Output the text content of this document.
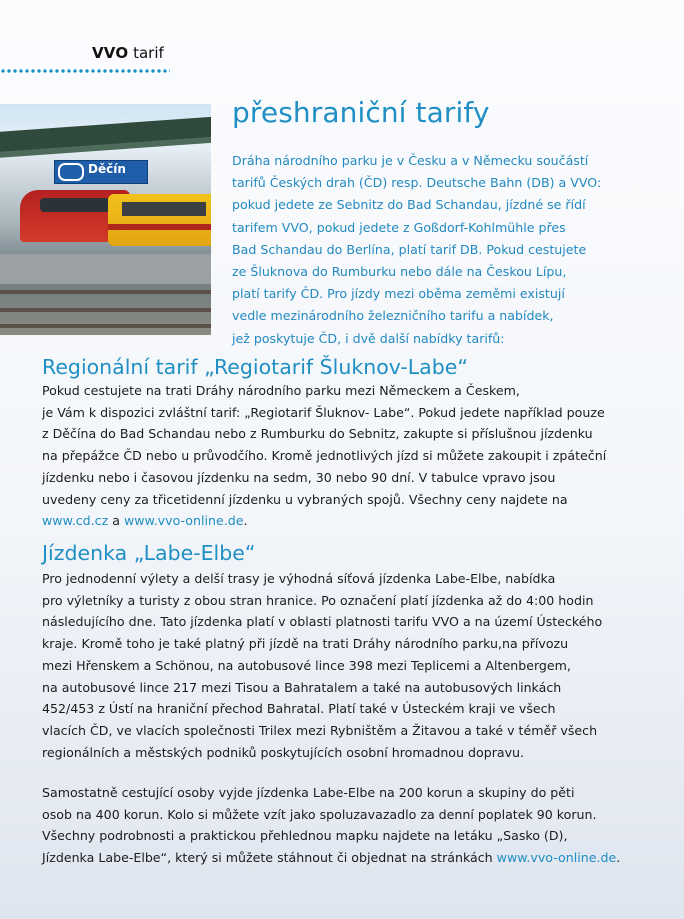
VVO tarif
Děčín
přeshraniční tarify
Dráha národního parku je v Česku a v Německu součástí
tarifů Českých drah (ČD) resp. Deutsche Bahn (DB) a VVO:
pokud jedete ze Sebnitz do Bad Schandau, jízdné se řídí
tarifem VVO, pokud jedete z Goßdorf-Kohlmühle přes
Bad Schandau do Berlína, platí tarif DB. Pokud cestujete
ze Šluknova do Rumburku nebo dále na Českou Lípu,
platí tarify ČD. Pro jízdy mezi oběma zeměmi existují
vedle mezinárodního železničního tarifu a nabídek,
jež poskytuje ČD, i dvě další nabídky tarifů:
Regionální tarif „Regiotarif Šluknov-Labe“
Pokud cestujete na trati Dráhy národního parku mezi Německem a Českem,
je Vám k dispozici zvláštní tarif: „Regiotarif Šluknov- Labe“. Pokud jedete například pouze
z Děčína do Bad Schandau nebo z Rumburku do Sebnitz, zakupte si příslušnou jízdenku
na přepážce ČD nebo u průvodčího. Kromě jednotlivých jízd si můžete zakoupit i zpáteční
jízdenku nebo i časovou jízdenku na sedm, 30 nebo 90 dní. V tabulce vpravo jsou
uvedeny ceny za třicetidenní jízdenku u vybraných spojů. Všechny ceny najdete na
www.cd.cz a www.vvo-online.de.
Jízdenka „Labe-Elbe“
Pro jednodenní výlety a delší trasy je výhodná síťová jízdenka Labe-Elbe, nabídka
pro výletníky a turisty z obou stran hranice. Po označení platí jízdenka až do 4:00 hodin
následujícího dne. Tato jízdenka platí v oblasti platnosti tarifu VVO a na území Ústeckého
kraje. Kromě toho je také platný při jízdě na trati Dráhy národního parku,na přívozu
mezi Hřenskem a Schönou, na autobusové lince 398 mezi Teplicemi a Altenbergem,
na autobusové lince 217 mezi Tisou a Bahratalem a také na autobusových linkách
452/453 z Ústí na hraniční přechod Bahratal. Platí také v Ústeckém kraji ve všech
vlacích ČD, ve vlacích společnosti Trilex mezi Rybništěm a Žitavou a také v téměř všech
regionálních a městských podniků poskytujících osobní hromadnou dopravu.
Samostatně cestující osoby vyjde jízdenka Labe-Elbe na 200 korun a skupiny do pěti
osob na 400 korun. Kolo si můžete vzít jako spoluzavazadlo za denní poplatek 90 korun.
Všechny podrobnosti a praktickou přehlednou mapku najdete na letáku „Sasko (D),
Jízdenka Labe-Elbe“, který si můžete stáhnout či objednat na stránkách www.vvo-online.de.
